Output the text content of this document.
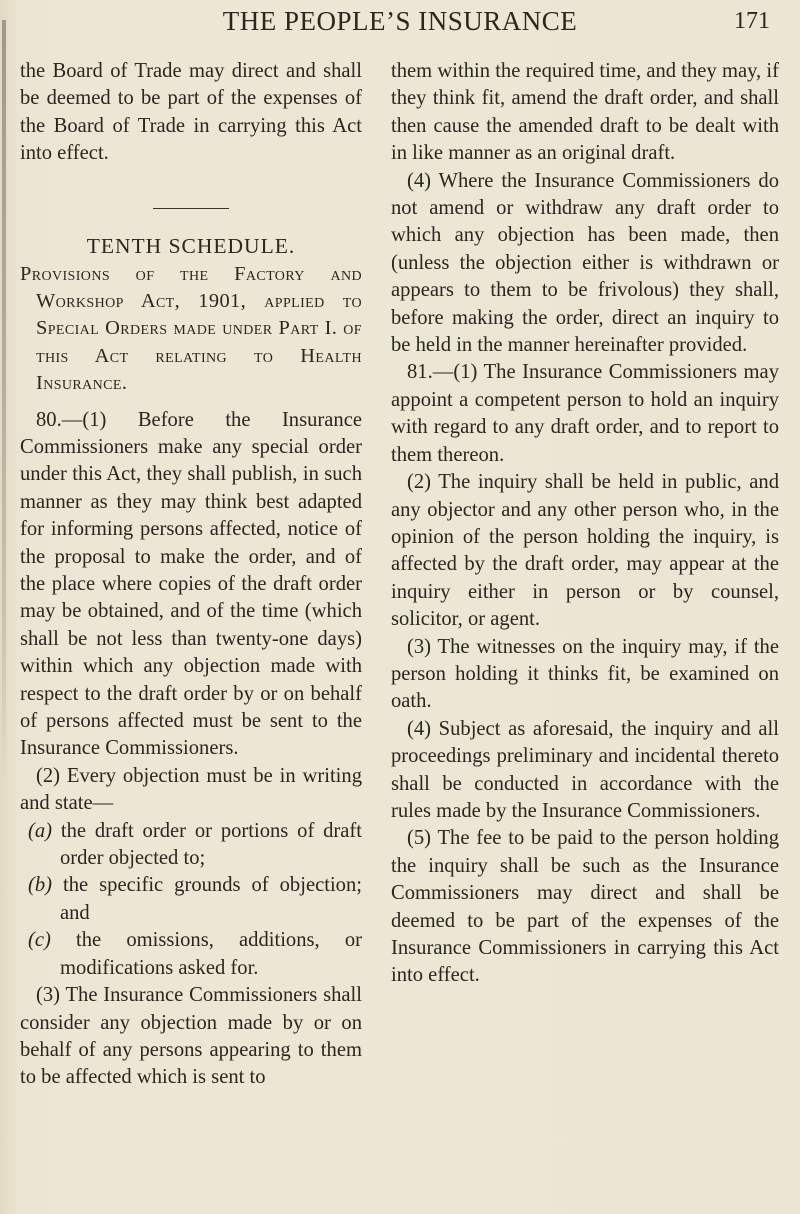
THE PEOPLE’S INSURANCE	171

the Board of Trade may direct and shall be deemed to be part of the expenses of the Board of Trade in carrying this Act into effect.

TENTH SCHEDULE.

Provisions of the Factory and Workshop Act, 1901, applied to Special Orders made under Part I. of this Act relating to Health Insurance.

80.—(1) Before the Insurance Commissioners make any special order under this Act, they shall publish, in such manner as they may think best adapted for informing persons affected, notice of the proposal to make the order, and of the place where copies of the draft order may be obtained, and of the time (which shall be not less than twenty-one days) within which any objection made with respect to the draft order by or on behalf of persons affected must be sent to the Insurance Commissioners.

(2) Every objection must be in writing and state—

(a) the draft order or portions of draft order objected to;

(b) the specific grounds of objection; and

(c) the omissions, additions, or modifications asked for.

(3) The Insurance Commissioners shall consider any objection made by or on behalf of any persons appearing to them to be affected which is sent to

them within the required time, and they may, if they think fit, amend the draft order, and shall then cause the amended draft to be dealt with in like manner as an original draft.

(4) Where the Insurance Commissioners do not amend or withdraw any draft order to which any objection has been made, then (unless the objection either is withdrawn or appears to them to be frivolous) they shall, before making the order, direct an inquiry to be held in the manner hereinafter provided.

81.—(1) The Insurance Commissioners may appoint a competent person to hold an inquiry with regard to any draft order, and to report to them thereon.

(2) The inquiry shall be held in public, and any objector and any other person who, in the opinion of the person holding the inquiry, is affected by the draft order, may appear at the inquiry either in person or by counsel, solicitor, or agent.

(3) The witnesses on the inquiry may, if the person holding it thinks fit, be examined on oath.

(4) Subject as aforesaid, the inquiry and all proceedings preliminary and incidental thereto shall be conducted in accordance with the rules made by the Insurance Commissioners.

(5) The fee to be paid to the person holding the inquiry shall be such as the Insurance Commissioners may direct and shall be deemed to be part of the expenses of the Insurance Commissioners in carrying this Act into effect.
